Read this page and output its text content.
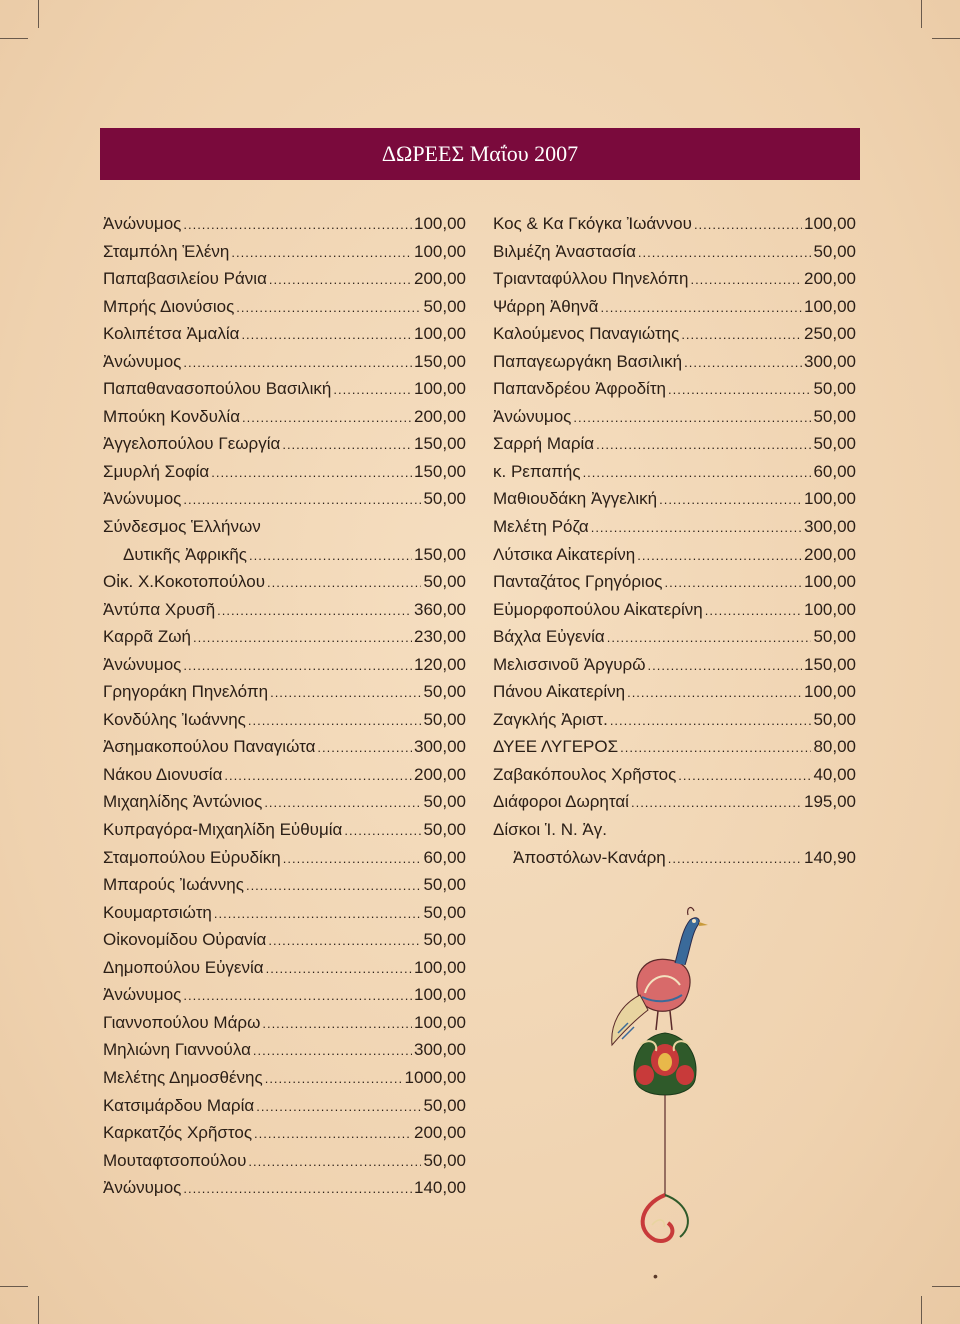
ΔΩΡΕΕΣ Μαΐου 2007
Ἀνώνυμος .....	100,00
Σταμπόλη Ἑλένη .....	100,00
Παπαβασιλείου Ράνια .....	200,00
Μπρής Διονύσιος .....	50,00
Κολιπέτσα Ἀμαλία .....	100,00
Ἀνώνυμος .....	150,00
Παπαθανασοπούλου Βασιλική .....	100,00
Μπούκη Κονδυλία .....	200,00
Ἀγγελοπούλου Γεωργία .....	150,00
Σμυρλή Σοφία .....	150,00
Ἀνώνυμος .....	50,00
Σύνδεσμος Ἑλλήνων
Δυτικῆς Ἀφρικῆς .....	150,00
Οἰκ. Χ.Κοκοτοπούλου .....	50,00
Ἀντύπα Χρυσῆ .....	360,00
Καρρᾶ Ζωή .....	230,00
Ἀνώνυμος .....	120,00
Γρηγοράκη Πηνελόπη .....	50,00
Κονδύλης Ἰωάννης .....	50,00
Ἀσημακοπούλου Παναγιώτα .....	300,00
Νάκου Διονυσία .....	200,00
Μιχαηλίδης Ἀντώνιος .....	50,00
Κυπραγόρα-Μιχαηλίδη Εὐθυμία .....	50,00
Σταμοπούλου Εὐρυδίκη .....	60,00
Μπαρούς Ἰωάννης .....	50,00
Κουμαρτσιώτη .....	50,00
Οἰκονομίδου Οὐρανία .....	50,00
Δημοπούλου Εὐγενία .....	100,00
Ἀνώνυμος .....	100,00
Γιαννοπούλου Μάρω .....	100,00
Μηλιώνη Γιαννούλα .....	300,00
Μελέτης Δημοσθένης .....	1000,00
Κατσιμάρδου Μαρία .....	50,00
Καρκατζός Χρῆστος .....	200,00
Μουταφτσοπούλου .....	50,00
Ἀνώνυμος .....	140,00
Κος & Κα Γκόγκα Ἰωάννου .....	100,00
Βιλμέζη Ἀναστασία .....	50,00
Τριανταφύλλου Πηνελόπη .....	200,00
Ψάρρη Ἀθηνᾶ .....	100,00
Καλούμενος Παναγιώτης .....	250,00
Παπαγεωργάκη Βασιλική .....	300,00
Παπανδρέου Ἀφροδίτη .....	50,00
Ἀνώνυμος .....	50,00
Σαρρή Μαρία .....	50,00
κ. Ρεπαπής .....	60,00
Μαθιουδάκη Ἀγγελική .....	100,00
Μελέτη Ρόζα .....	300,00
Λύτσικα Αἰκατερίνη .....	200,00
Πανταζάτος Γρηγόριος .....	100,00
Εὐμορφοπούλου Αἰκατερίνη .....	100,00
Βάχλα Εὐγενία .....	50,00
Μελισσινοῦ Ἀργυρῶ .....	150,00
Πάνου Αἰκατερίνη .....	100,00
Ζαγκλής Ἀριστ. .....	50,00
ΔΥΕΕ ΛΥΓΕΡΟΣ .....	80,00
Ζαβακόπουλος Χρῆστος .....	40,00
Διάφοροι Δωρηταί .....	195,00
Δίσκοι Ἱ. Ν. Ἁγ.
Ἀποστόλων-Κανάρη .....	140,90
•
